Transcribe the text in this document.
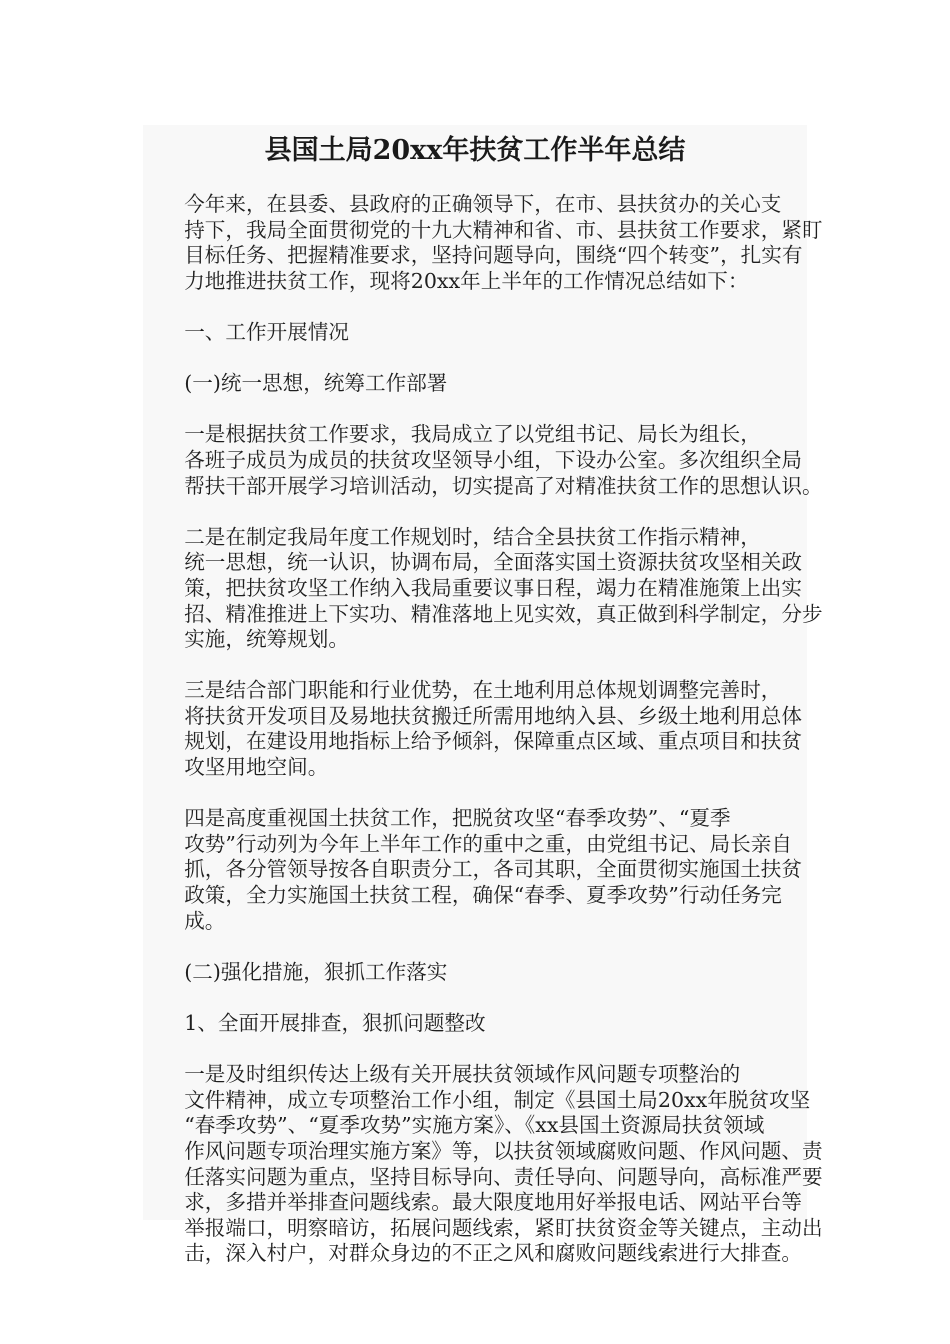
县国土局20xx年扶贫工作半年总结

今年来，在县委、县政府的正确领导下，在市、县扶贫办的关心支
持下，我局全面贯彻党的十九大精神和省、市、县扶贫工作要求，紧盯
目标任务、把握精准要求，坚持问题导向，围绕“四个转变”，扎实有
力地推进扶贫工作，现将20xx年上半年的工作情况总结如下：

一、工作开展情况

(一)统一思想，统筹工作部署

一是根据扶贫工作要求，我局成立了以党组书记、局长为组长，
各班子成员为成员的扶贫攻坚领导小组，下设办公室。多次组织全局
帮扶干部开展学习培训活动，切实提高了对精准扶贫工作的思想认识。

二是在制定我局年度工作规划时，结合全县扶贫工作指示精神，
统一思想，统一认识，协调布局，全面落实国土资源扶贫攻坚相关政
策，把扶贫攻坚工作纳入我局重要议事日程，竭力在精准施策上出实
招、精准推进上下实功、精准落地上见实效，真正做到科学制定，分步
实施，统筹规划。

三是结合部门职能和行业优势，在土地利用总体规划调整完善时，
将扶贫开发项目及易地扶贫搬迁所需用地纳入县、乡级土地利用总体
规划，在建设用地指标上给予倾斜，保障重点区域、重点项目和扶贫
攻坚用地空间。

四是高度重视国土扶贫工作，把脱贫攻坚“春季攻势”、“夏季
攻势”行动列为今年上半年工作的重中之重，由党组书记、局长亲自
抓，各分管领导按各自职责分工，各司其职，全面贯彻实施国土扶贫
政策，全力实施国土扶贫工程，确保“春季、夏季攻势”行动任务完
成。

(二)强化措施，狠抓工作落实

1、全面开展排查，狠抓问题整改

一是及时组织传达上级有关开展扶贫领域作风问题专项整治的
文件精神，成立专项整治工作小组，制定《县国土局20xx年脱贫攻坚
“春季攻势”、“夏季攻势”实施方案》、《xx县国土资源局扶贫领域
作风问题专项治理实施方案》等，以扶贫领域腐败问题、作风问题、责
任落实问题为重点，坚持目标导向、责任导向、问题导向，高标准严要
求，多措并举排查问题线索。最大限度地用好举报电话、网站平台等
举报端口，明察暗访，拓展问题线索，紧盯扶贫资金等关键点，主动出
击，深入村户，对群众身边的不正之风和腐败问题线索进行大排查。
